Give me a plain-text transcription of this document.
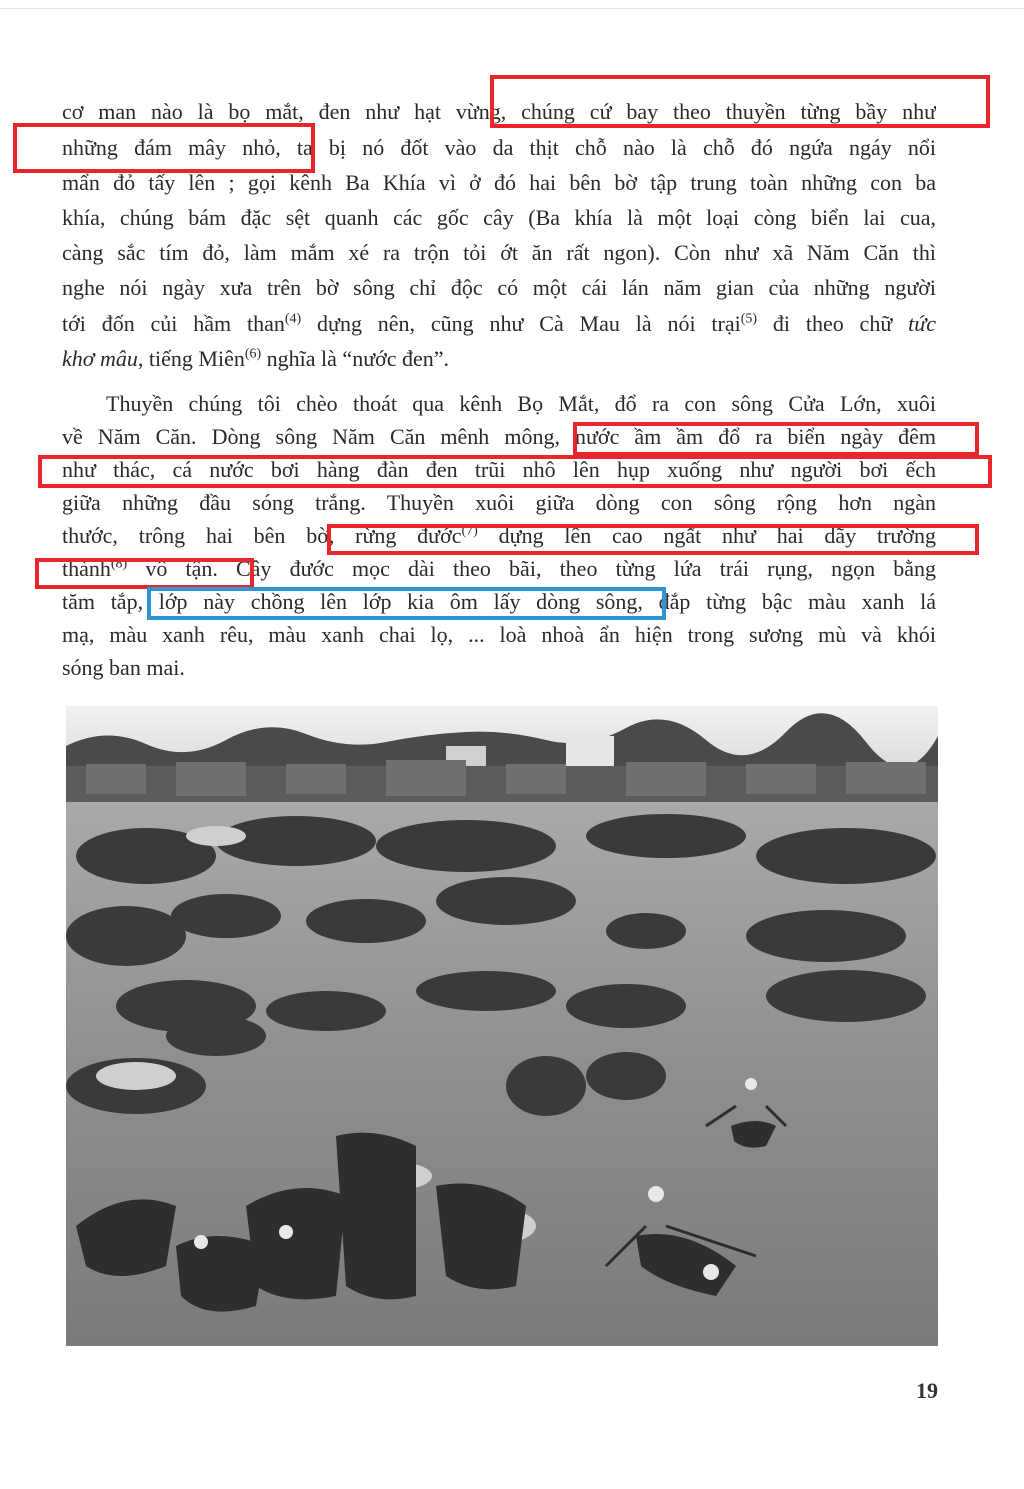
cơ man nào là bọ mắt, đen như hạt vừng, chúng cứ bay theo thuyền từng bầy như
những đám mây nhỏ, ta bị nó đốt vào da thịt chỗ nào là chỗ đó ngứa ngáy nổi
mẩn đỏ tấy lên ; gọi kênh Ba Khía vì ở đó hai bên bờ tập trung toàn những con ba
khía, chúng bám đặc sệt quanh các gốc cây (Ba khía là một loại còng biển lai cua,
càng sắc tím đỏ, làm mắm xé ra trộn tỏi ớt ăn rất ngon). Còn như xã Năm Căn thì
nghe nói ngày xưa trên bờ sông chỉ độc có một cái lán năm gian của những người
tới đốn củi hầm than$^{(4)}$ dựng nên, cũng như Cà Mau là nói trại$^{(5)}$ đi theo chữ tức
khơ mâu, tiếng Miên$^{(6)}$ nghĩa là “nước đen”.
Thuyền chúng tôi chèo thoát qua kênh Bọ Mắt, đổ ra con sông Cửa Lớn, xuôi
về Năm Căn. Dòng sông Năm Căn mênh mông, nước ầm ầm đổ ra biển ngày đêm
như thác, cá nước bơi hàng đàn đen trũi nhô lên hụp xuống như người bơi ếch
giữa những đầu sóng trắng. Thuyền xuôi giữa dòng con sông rộng hơn ngàn
thước, trông hai bên bờ, rừng đước$^{(7)}$ dựng lên cao ngất như hai dãy trường
thành$^{(8)}$ vô tận. Cây đước mọc dài theo bãi, theo từng lứa trái rụng, ngọn bằng
tăm tắp, lớp này chồng lên lớp kia ôm lấy dòng sông, đắp từng bậc màu xanh lá
mạ, màu xanh rêu, màu xanh chai lọ, ... loà nhoà ẩn hiện trong sương mù và khói
sóng ban mai.
19
